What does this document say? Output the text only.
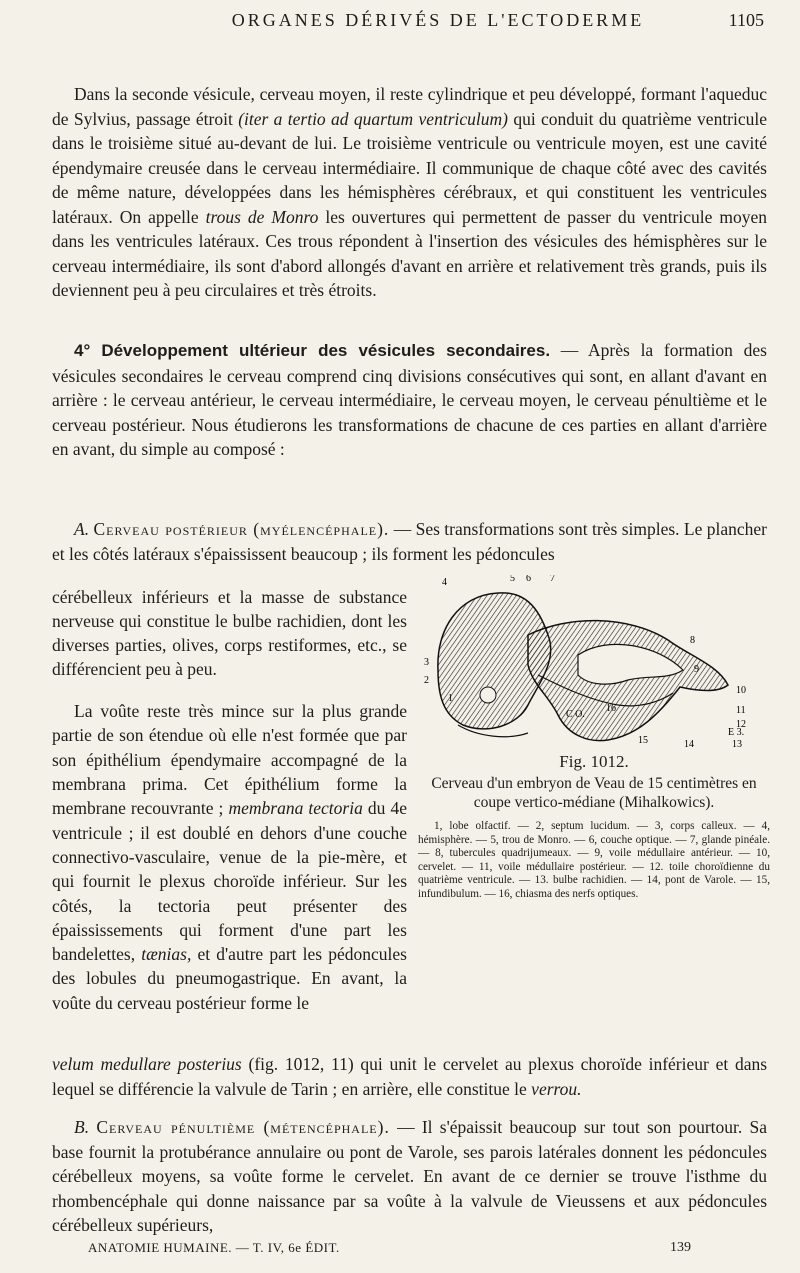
ORGANES DÉRIVÉS DE L'ECTODERME	1105

Dans la seconde vésicule, cerveau moyen, il reste cylindrique et peu développé, formant l'aqueduc de Sylvius, passage étroit (iter a tertio ad quartum ventriculum) qui conduit du quatrième ventricule dans le troisième situé au-devant de lui. Le troisième ventricule ou ventricule moyen, est une cavité épendymaire creusée dans le cerveau intermédiaire. Il communique de chaque côté avec des cavités de même nature, développées dans les hémisphères cérébraux, et qui constituent les ventricules latéraux. On appelle trous de Monro les ouvertures qui permettent de passer du ventricule moyen dans les ventricules latéraux. Ces trous répondent à l'insertion des vésicules des hémisphères sur le cerveau intermédiaire, ils sont d'abord allongés d'avant en arrière et relativement très grands, puis ils deviennent peu à peu circulaires et très étroits.

4° Développement ultérieur des vésicules secondaires. — Après la formation des vésicules secondaires le cerveau comprend cinq divisions consécutives qui sont, en allant d'avant en arrière : le cerveau antérieur, le cerveau intermédiaire, le cerveau moyen, le cerveau pénultième et le cerveau postérieur. Nous étudierons les transformations de chacune de ces parties en allant d'arrière en avant, du simple au composé :

A. Cerveau postérieur (myélencéphale). — Ses transformations sont très simples. Le plancher et les côtés latéraux s'épaississent beaucoup ; ils forment les pédoncules

cérébelleux inférieurs et la masse de substance nerveuse qui constitue le bulbe rachidien, dont les diverses parties, olives, corps restiformes, etc., se différencient peu à peu.

La voûte reste très mince sur la plus grande partie de son étendue où elle n'est formée que par son épithélium épendymaire accompagné de la membrana prima. Cet épithélium forme la membrane recouvrante ; membrana tectoria du 4e ventricule ; il est doublé en dehors d'une couche connectivo-vasculaire, venue de la pie-mère, et qui fournit le plexus choroïde inférieur. Sur les côtés, la tectoria peut présenter des épaississements qui forment d'une part les bandelettes, tænias, et d'autre part les pédoncules des lobules du pneumogastrique. En avant, la voûte du cerveau postérieur forme le

velum medullare posterius (fig. 1012, 11) qui unit le cervelet au plexus choroïde inférieur et dans lequel se différencie la valvule de Tarin ; en arrière, elle constitue le verrou.

1
2
3
4	5 6 7
8
9
10
11
12
13
14
15
16
C O.
E 3.
Fig. 1012.
Cerveau d'un embryon de Veau de 15 centimètres en coupe vertico-médiane (Mihalkowics).
1, lobe olfactif. — 2, septum lucidum. — 3, corps calleux. — 4, hémisphère. — 5, trou de Monro. — 6, couche optique. — 7, glande pinéale. — 8, tubercules quadrijumeaux. — 9, voile médullaire antérieur. — 10, cervelet. — 11, voile médullaire postérieur. — 12. toile choroïdienne du quatrième ventricule. — 13. bulbe rachidien. — 14, pont de Varole. — 15, infundibulum. — 16, chiasma des nerfs optiques.

B. Cerveau pénultième (métencéphale). — Il s'épaissit beaucoup sur tout son pourtour. Sa base fournit la protubérance annulaire ou pont de Varole, ses parois latérales donnent les pédoncules cérébelleux moyens, sa voûte forme le cervelet. En avant de ce dernier se trouve l'isthme du rhombencéphale qui donne naissance par sa voûte à la valvule de Vieussens et aux pédoncules cérébelleux supérieurs,

ANATOMIE HUMAINE. — T. IV, 6e ÉDIT.	139
